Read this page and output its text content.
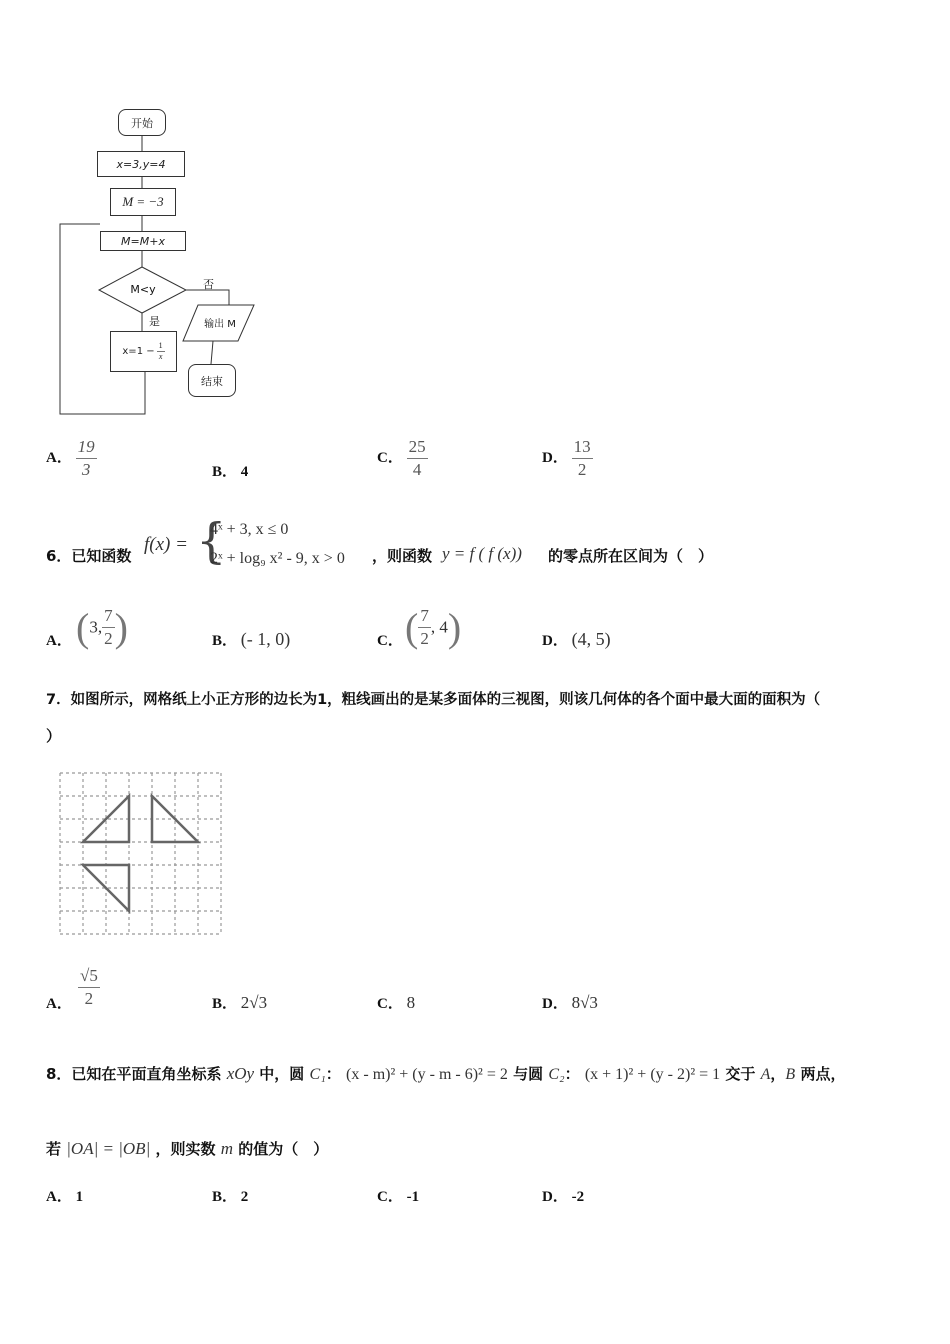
开始
x=3,y=4
M = −3
M=M+x
M<y	否
是	输出 M
$x=1 - \frac{1}{x}$
结束
A． $\frac{19}{3}$	B． 4
C． $\frac{25}{4}$	D． $\frac{13}{2}$
6．已知函数
f(x) = {
4ˣ + 3, x ≤ 0
2ˣ + log₉ x² - 9, x > 0 ，则函数 y = f ( f (x)) 的零点所在区间为（　）
A． (3, $\frac{7}{2}$ )	B． (- 1, 0)	C． ( $\frac{7}{2}$ , 4)	D． (4, 5)
7．如图所示，网格纸上小正方形的边长为1，粗线画出的是某多面体的三视图，则该几何体的各个面中最大面的面积为（
）
A． $\frac{√5}{2}$	B． 2√3	C． 8	D． 8√3
8．已知在平面直角坐标系 xOy 中，圆 C₁： (x - m)² + (y - m - 6)² = 2 与圆 C₂： (x + 1)² + (y - 2)² = 1 交于 A，B 两点，
若 |OA| = |OB| ，则实数 m 的值为（　）
A． 1	B． 2	C． -1	D． -2
